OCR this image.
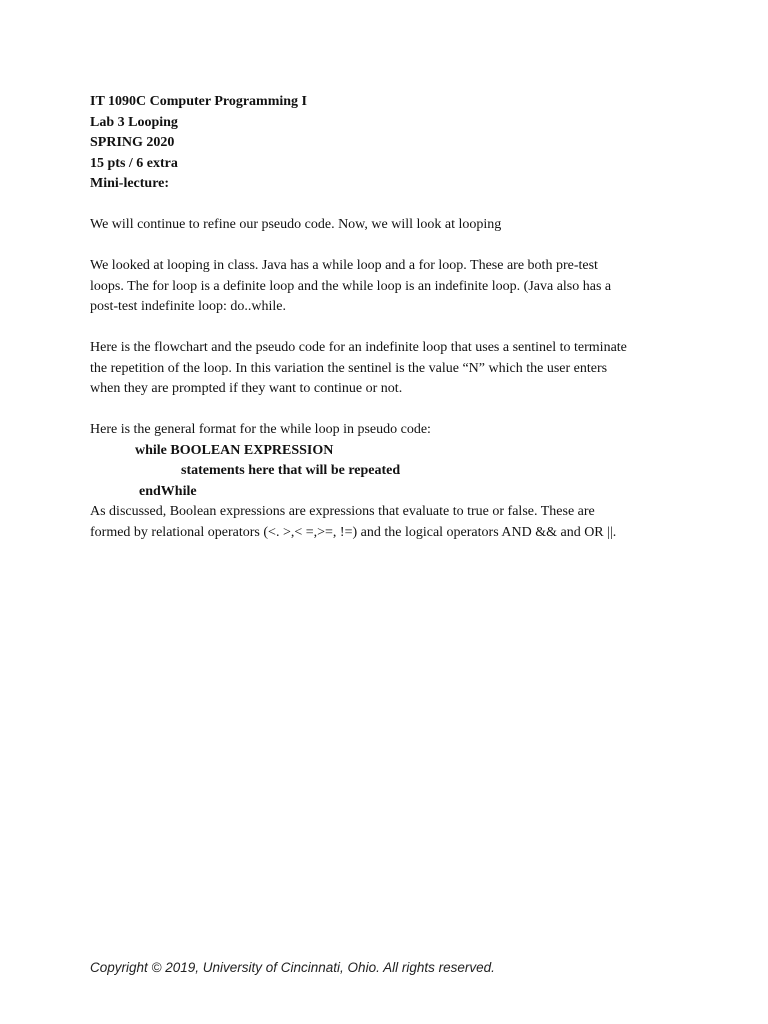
IT 1090C Computer Programming I
Lab 3 Looping
SPRING 2020
15 pts / 6 extra
Mini-lecture:

We will continue to refine our pseudo code. Now, we will look at looping

We looked at looping in class. Java has a while loop and a for loop. These are both pre-test
loops. The for loop is a definite loop and the while loop is an indefinite loop. (Java also has a
post-test indefinite loop: do..while.
Here is the flowchart and the pseudo code for an indefinite loop that uses a sentinel to terminate
the repetition of the loop. In this variation the sentinel is the value “N” which the user enters
when they are prompted if they want to continue or not.

Here is the general format for the while loop in pseudo code:

while BOOLEAN EXPRESSION
statements here that will be repeated
endWhile
As discussed, Boolean expressions are expressions that evaluate to true or false. These are
formed by relational operators (<. >,< =,>=, !=) and the logical operators AND && and OR ||.
Copyright © 2019, University of Cincinnati, Ohio. All rights reserved.
